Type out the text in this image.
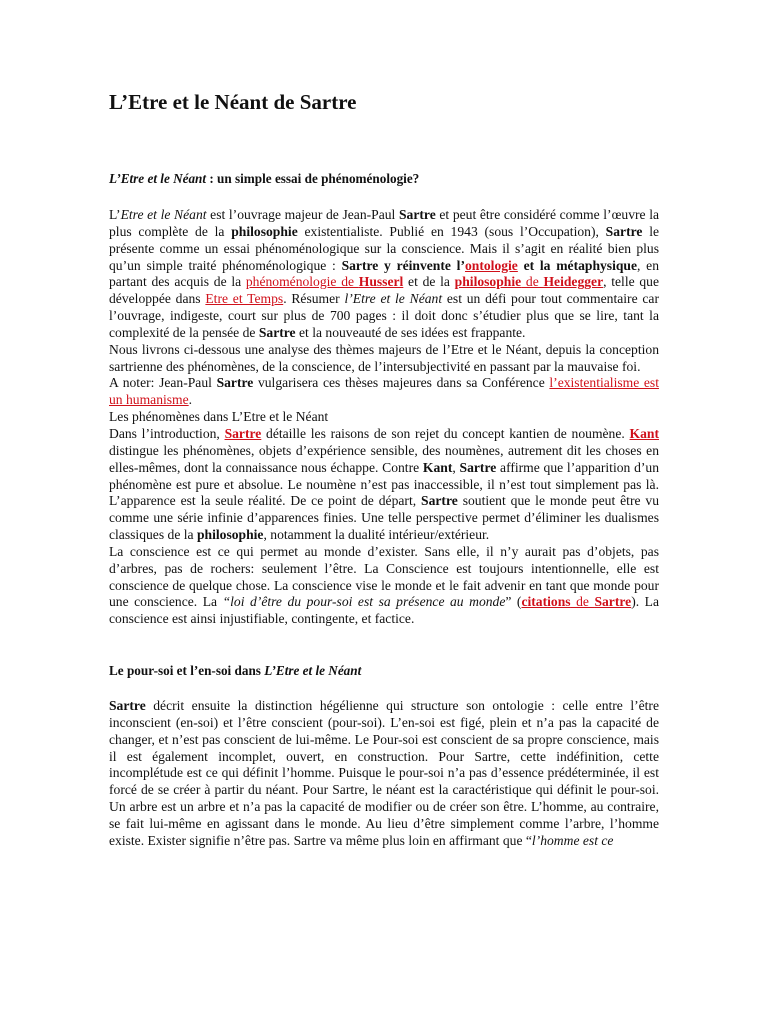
L’Etre et le Néant de Sartre
L’Etre et le Néant : un simple essai de phénoménologie?

L’Etre et le Néant est l’ouvrage majeur de Jean-Paul Sartre et peut être considéré comme l’œuvre la plus complète de la philosophie existentialiste. Publié en 1943 (sous l’Occupation), Sartre le présente comme un essai phénoménologique sur la conscience. Mais il s’agit en réalité bien plus qu’un simple traité phénoménologique : Sartre y réinvente l’ontologie et la métaphysique, en partant des acquis de la phénoménologie de Husserl et de la philosophie de Heidegger, telle que développée dans Etre et Temps. Résumer l’Etre et le Néant est un défi pour tout commentaire car l’ouvrage, indigeste, court sur plus de 700 pages : il doit donc s’étudier plus que se lire, tant la complexité de la pensée de Sartre et la nouveauté de ses idées est frappante.

Nous livrons ci-dessous une analyse des thèmes majeurs de l’Etre et le Néant, depuis la conception sartrienne des phénomènes, de la conscience, de l’intersubjectivité en passant par la mauvaise foi.

A noter: Jean-Paul Sartre vulgarisera ces thèses majeures dans sa Conférence l’existentialisme est un humanisme.

Les phénomènes dans L’Etre et le Néant

Dans l’introduction, Sartre détaille les raisons de son rejet du concept kantien de noumène. Kant distingue les phénomènes, objets d’expérience sensible, des noumènes, autrement dit les choses en elles-mêmes, dont la connaissance nous échappe. Contre Kant, Sartre affirme que l’apparition d’un phénomène est pure et absolue. Le noumène n’est pas inaccessible, il n’est tout simplement pas là. L’apparence est la seule réalité. De ce point de départ, Sartre soutient que le monde peut être vu comme une série infinie d’apparences finies. Une telle perspective permet d’éliminer les dualismes classiques de la philosophie, notamment la dualité intérieur/extérieur.

La conscience est ce qui permet au monde d’exister. Sans elle, il n’y aurait pas d’objets, pas d’arbres, pas de rochers: seulement l’être. La Conscience est toujours intentionnelle, elle est conscience de quelque chose. La conscience vise le monde et le fait advenir en tant que monde pour une conscience. La “loi d’être du pour-soi est sa présence au monde” (citations de Sartre). La conscience est ainsi injustifiable, contingente, et factice.

Le pour-soi et l’en-soi dans L’Etre et le Néant

Sartre décrit ensuite la distinction hégélienne qui structure son ontologie : celle entre l’être inconscient (en-soi) et l’être conscient (pour-soi). L’en-soi est figé, plein et n’a pas la capacité de changer, et n’est pas conscient de lui-même. Le Pour-soi est conscient de sa propre conscience, mais il est également incomplet, ouvert, en construction. Pour Sartre, cette indéfinition, cette incomplétude est ce qui définit l’homme. Puisque le pour-soi n’a pas d’essence prédéterminée, il est forcé de se créer à partir du néant. Pour Sartre, le néant est la caractéristique qui définit le pour-soi. Un arbre est un arbre et n’a pas la capacité de modifier ou de créer son être. L’homme, au contraire, se fait lui-même en agissant dans le monde. Au lieu d’être simplement comme l’arbre, l’homme existe. Exister signifie n’être pas. Sartre va même plus loin en affirmant que “l’homme est ce
